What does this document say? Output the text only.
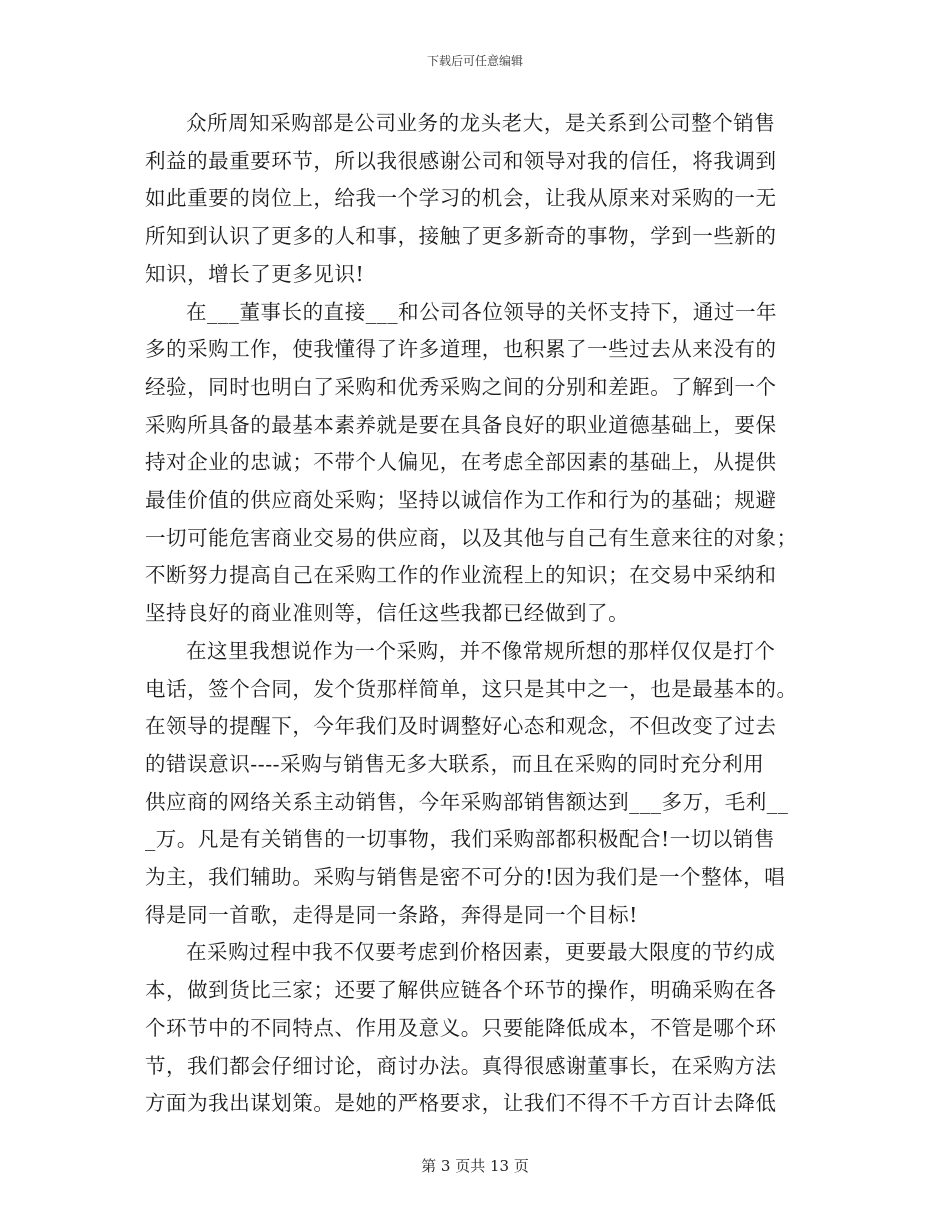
下载后可任意编辑
众所周知采购部是公司业务的龙头老大，是关系到公司整个销售
利益的最重要环节，所以我很感谢公司和领导对我的信任，将我调到
如此重要的岗位上，给我一个学习的机会，让我从原来对采购的一无
所知到认识了更多的人和事，接触了更多新奇的事物，学到一些新的
知识，增长了更多见识!
在___董事长的直接___和公司各位领导的关怀支持下，通过一年
多的采购工作，使我懂得了许多道理，也积累了一些过去从来没有的
经验，同时也明白了采购和优秀采购之间的分别和差距。了解到一个
采购所具备的最基本素养就是要在具备良好的职业道德基础上，要保
持对企业的忠诚；不带个人偏见，在考虑全部因素的基础上，从提供
最佳价值的供应商处采购；坚持以诚信作为工作和行为的基础；规避
一切可能危害商业交易的供应商，以及其他与自己有生意来往的对象；
不断努力提高自己在采购工作的作业流程上的知识；在交易中采纳和
坚持良好的商业准则等，信任这些我都已经做到了。
在这里我想说作为一个采购，并不像常规所想的那样仅仅是打个
电话，签个合同，发个货那样简单，这只是其中之一，也是最基本的。
在领导的提醒下，今年我们及时调整好心态和观念，不但改变了过去
的错误意识----采购与销售无多大联系，而且在采购的同时充分利用
供应商的网络关系主动销售，今年采购部销售额达到___多万，毛利__
_万。凡是有关销售的一切事物，我们采购部都积极配合!一切以销售
为主，我们辅助。采购与销售是密不可分的!因为我们是一个整体，唱
得是同一首歌，走得是同一条路，奔得是同一个目标!
在采购过程中我不仅要考虑到价格因素，更要最大限度的节约成
本，做到货比三家；还要了解供应链各个环节的操作，明确采购在各
个环节中的不同特点、作用及意义。只要能降低成本，不管是哪个环
节，我们都会仔细讨论，商讨办法。真得很感谢董事长，在采购方法
方面为我出谋划策。是她的严格要求，让我们不得不千方百计去降低
第 3 页共 13 页
